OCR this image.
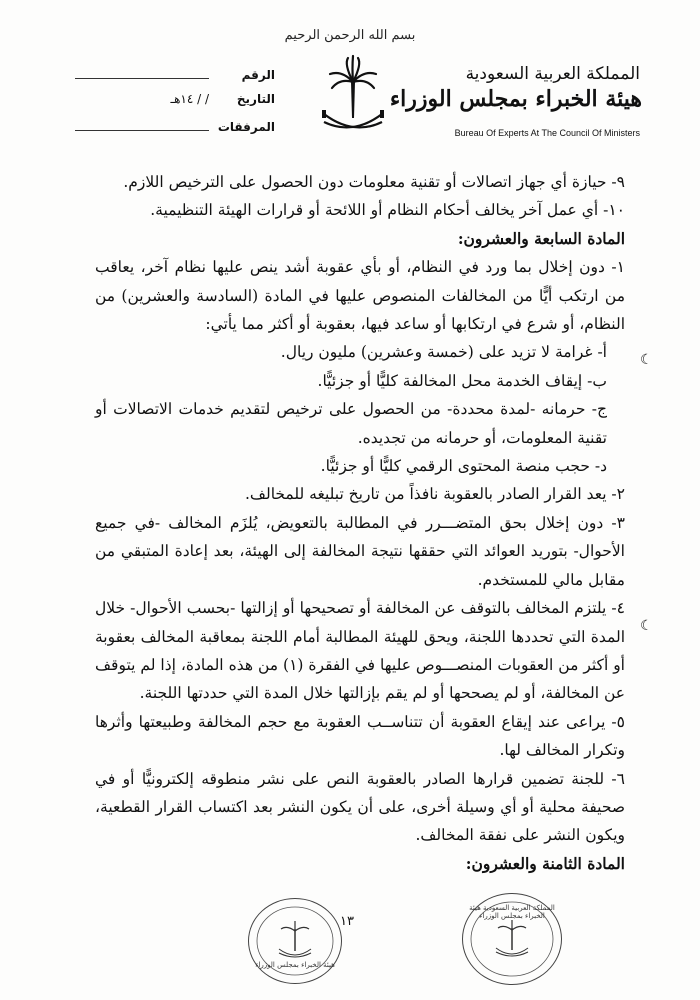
بسم الله الرحمن الرحيم
المملكة العربية السعودية
هيئة الخبراء بمجلس الوزراء
Bureau Of Experts At The Council Of Ministers
الرقم
التاريخ
/ / ١٤هـ
المرفقات

٩- حيازة أي جهاز اتصالات أو تقنية معلومات دون الحصول على الترخيص اللازم.

١٠- أي عمل آخر يخالف أحكام النظام أو اللائحة أو قرارات الهيئة التنظيمية.

المادة السابعة والعشرون:

١- دون إخلال بما ورد في النظام، أو بأي عقوبة أشد ينص عليها نظام آخر، يعاقب من ارتكب أيًّا من المخالفات المنصوص عليها في المادة (السادسة والعشرين) من النظام، أو شرع في ارتكابها أو ساعد فيها، بعقوبة أو أكثر مما يأتي:

أ- غرامة لا تزيد على (خمسة وعشرين) مليون ريال.

ب- إيقاف الخدمة محل المخالفة كليًّا أو جزئيًّا.

ج- حرمانه -لمدة محددة- من الحصول على ترخيص لتقديم خدمات الاتصالات أو تقنية المعلومات، أو حرمانه من تجديده.

د- حجب منصة المحتوى الرقمي كليًّا أو جزئيًّا.

٢- يعد القرار الصادر بالعقوبة نافذاً من تاريخ تبليغه للمخالف.

٣- دون إخلال بحق المتضـــرر في المطالبة بالتعويض، يُلزَم المخالف -في جميع الأحوال- بتوريد العوائد التي حققها نتيجة المخالفة إلى الهيئة، بعد إعادة المتبقي من مقابل مالي للمستخدم.

٤- يلتزم المخالف بالتوقف عن المخالفة أو تصحيحها أو إزالتها -بحسب الأحوال- خلال المدة التي تحددها اللجنة، ويحق للهيئة المطالبة أمام اللجنة بمعاقبة المخالف بعقوبة أو أكثر من العقوبات المنصـــوص عليها في الفقرة (١) من هذه المادة، إذا لم يتوقف عن المخالفة، أو لم يصححها أو لم يقم بإزالتها خلال المدة التي حددتها اللجنة.

٥- يراعى عند إيقاع العقوبة أن تتناســب العقوبة مع حجم المخالفة وطبيعتها وأثرها وتكرار المخالف لها.

٦- للجنة تضمين قرارها الصادر بالعقوبة النص على نشر منطوقه إلكترونيًّا أو في صحيفة محلية أو أي وسيلة أخرى، على أن يكون النشر بعد اكتساب القرار القطعية، ويكون النشر على نفقة المخالف.

المادة الثامنة والعشرون:

☾
☾
١٣
هيئة الخبراء بمجلس الوزراء
المملكة العربية السعودية هيئة الخبراء بمجلس الوزراء
